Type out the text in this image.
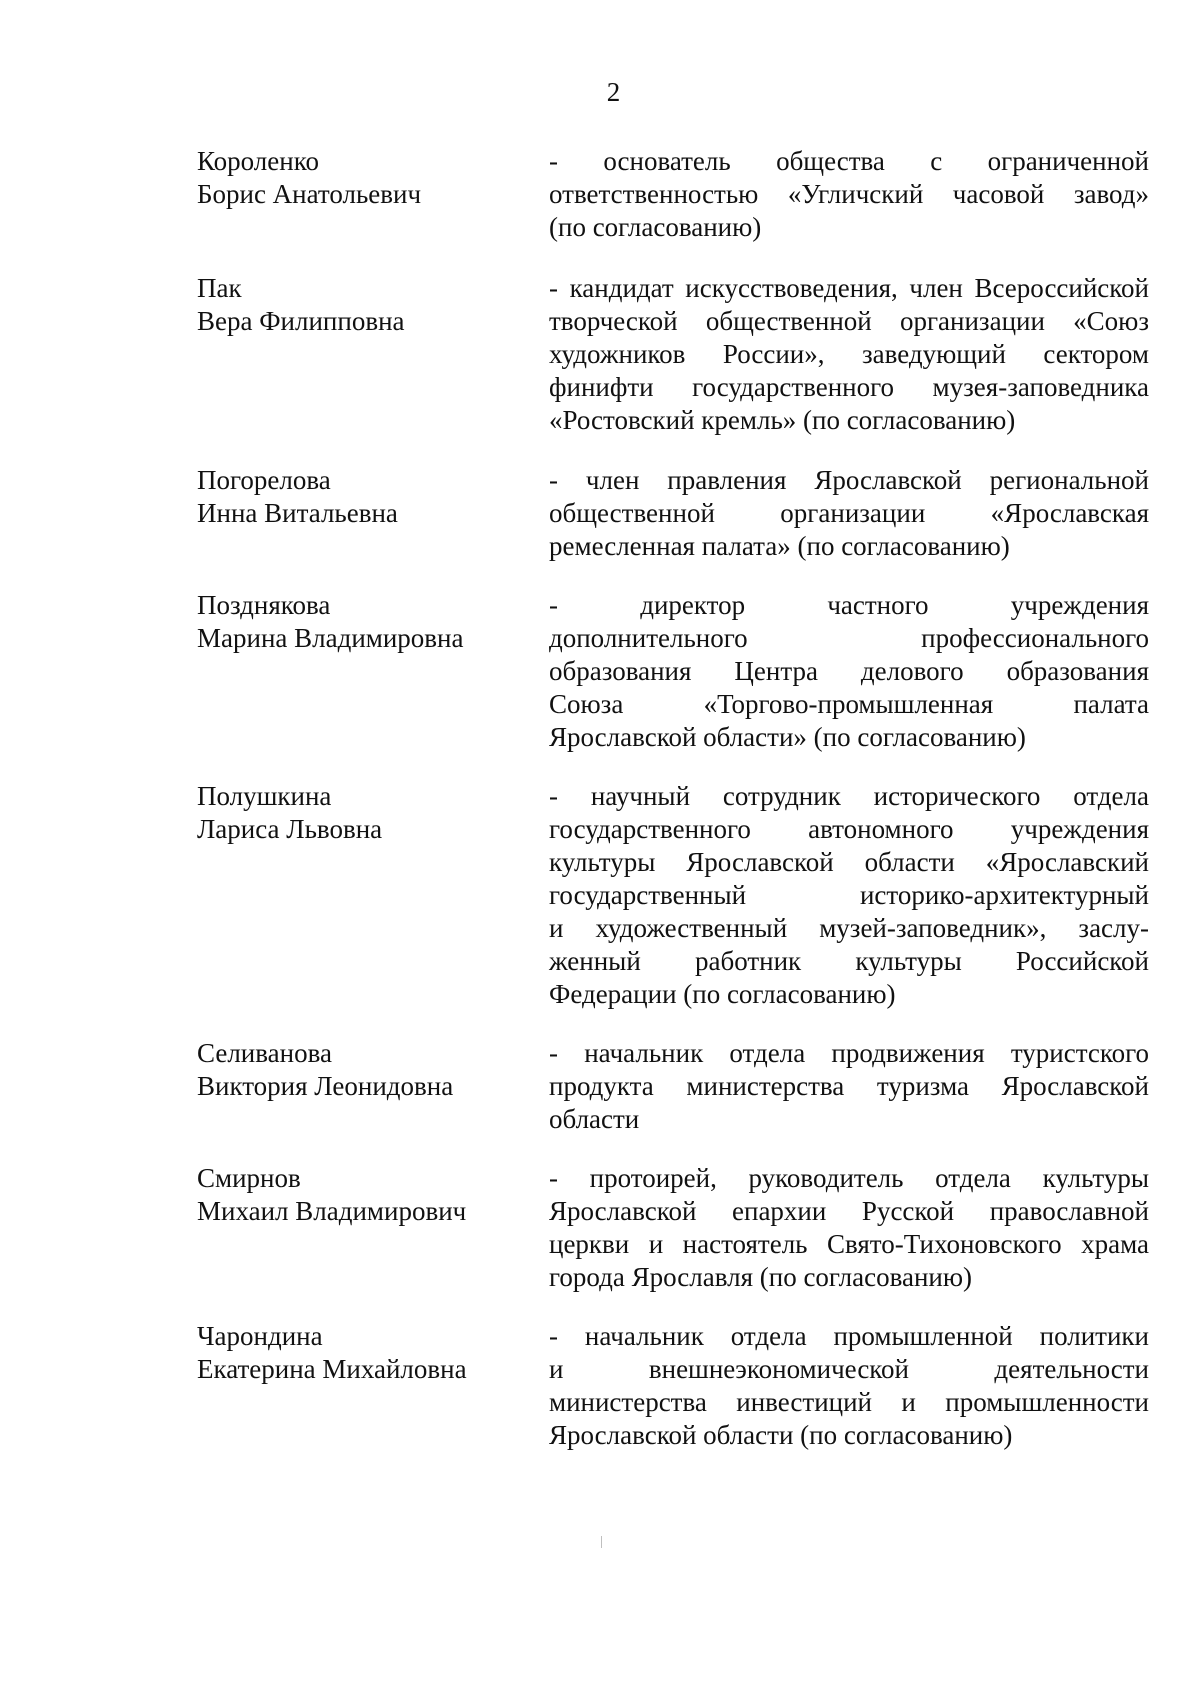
2
Короленко
Борис Анатольевич
- основатель общества с ограниченной
ответственностью «Угличский часовой завод»
(по согласованию)
Пак
Вера Филипповна
- кандидат искусствоведения, член Всероссийской
творческой общественной организации «Союз
художников России», заведующий сектором
финифти государственного музея-заповедника
«Ростовский кремль» (по согласованию)
Погорелова
Инна Витальевна
- член правления Ярославской региональной
общественной организации «Ярославская
ремесленная палата» (по согласованию)
Позднякова
Марина Владимировна
- директор частного учреждения
дополнительного профессионального
образования Центра делового образования
Союза «Торгово-промышленная палата
Ярославской области» (по согласованию)
Полушкина
Лариса Львовна
- научный сотрудник исторического отдела
государственного автономного учреждения
культуры Ярославской области «Ярославский
государственный историко-архитектурный
и художественный музей-заповедник», заслу-
женный работник культуры Российской
Федерации (по согласованию)
Селиванова
Виктория Леонидовна
- начальник отдела продвижения туристского
продукта министерства туризма Ярославской
области
Смирнов
Михаил Владимирович
- протоирей, руководитель отдела культуры
Ярославской епархии Русской православной
церкви и настоятель Свято-Тихоновского храма
города Ярославля (по согласованию)
Чарондина
Екатерина Михайловна
- начальник отдела промышленной политики
и внешнеэкономической деятельности
министерства инвестиций и промышленности
Ярославской области (по согласованию)
